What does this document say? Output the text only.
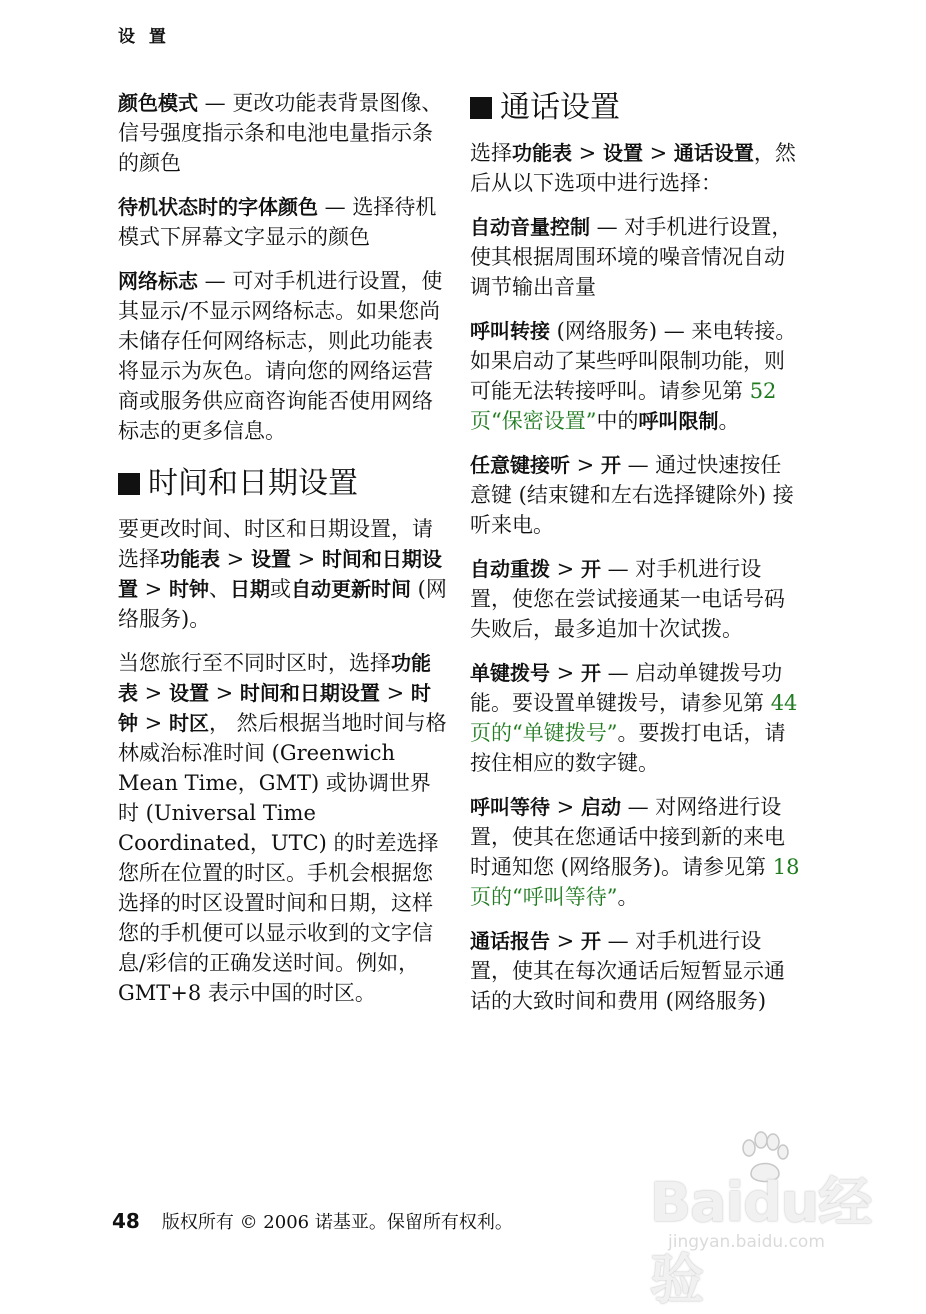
设 置

颜色模式 — 更改功能表背景图像、信号强度指示条和电池电量指示条的颜色

待机状态时的字体颜色 — 选择待机模式下屏幕文字显示的颜色

网络标志 — 可对手机进行设置，使其显示/不显示网络标志。如果您尚未储存任何网络标志，则此功能表将显示为灰色。请向您的网络运营商或服务供应商咨询能否使用网络标志的更多信息。

时间和日期设置

要更改时间、时区和日期设置，请选择功能表 > 设置 > 时间和日期设置 > 时钟、日期或自动更新时间 (网络服务)。

当您旅行至不同时区时，选择功能表 > 设置 > 时间和日期设置 > 时钟 > 时区， 然后根据当地时间与格林威治标准时间 (Greenwich Mean Time，GMT) 或协调世界时 (Universal Time Coordinated，UTC) 的时差选择您所在位置的时区。手机会根据您选择的时区设置时间和日期，这样您的手机便可以显示收到的文字信息/彩信的正确发送时间。例如，GMT+8 表示中国的时区。

通话设置

选择功能表 > 设置 > 通话设置，然后从以下选项中进行选择：

自动音量控制 — 对手机进行设置，使其根据周围环境的噪音情况自动调节输出音量

呼叫转接 (网络服务) — 来电转接。如果启动了某些呼叫限制功能，则可能无法转接呼叫。请参见第 52 页“保密设置”中的呼叫限制。

任意键接听 > 开 — 通过快速按任意键 (结束键和左右选择键除外) 接听来电。

自动重拨 > 开 — 对手机进行设置，使您在尝试接通某一电话号码失败后，最多追加十次试拨。

单键拨号 > 开 — 启动单键拨号功能。要设置单键拨号，请参见第 44 页的“单键拨号”。要拨打电话，请按住相应的数字键。

呼叫等待 > 启动 — 对网络进行设置，使其在您通话中接到新的来电时通知您 (网络服务)。请参见第 18 页的“呼叫等待”。

通话报告 > 开 — 对手机进行设置，使其在每次通话后短暂显示通话的大致时间和费用 (网络服务)

48 版权所有 © 2006 诺基亚。保留所有权利。	Baidu经验
jingyan.baidu.com
